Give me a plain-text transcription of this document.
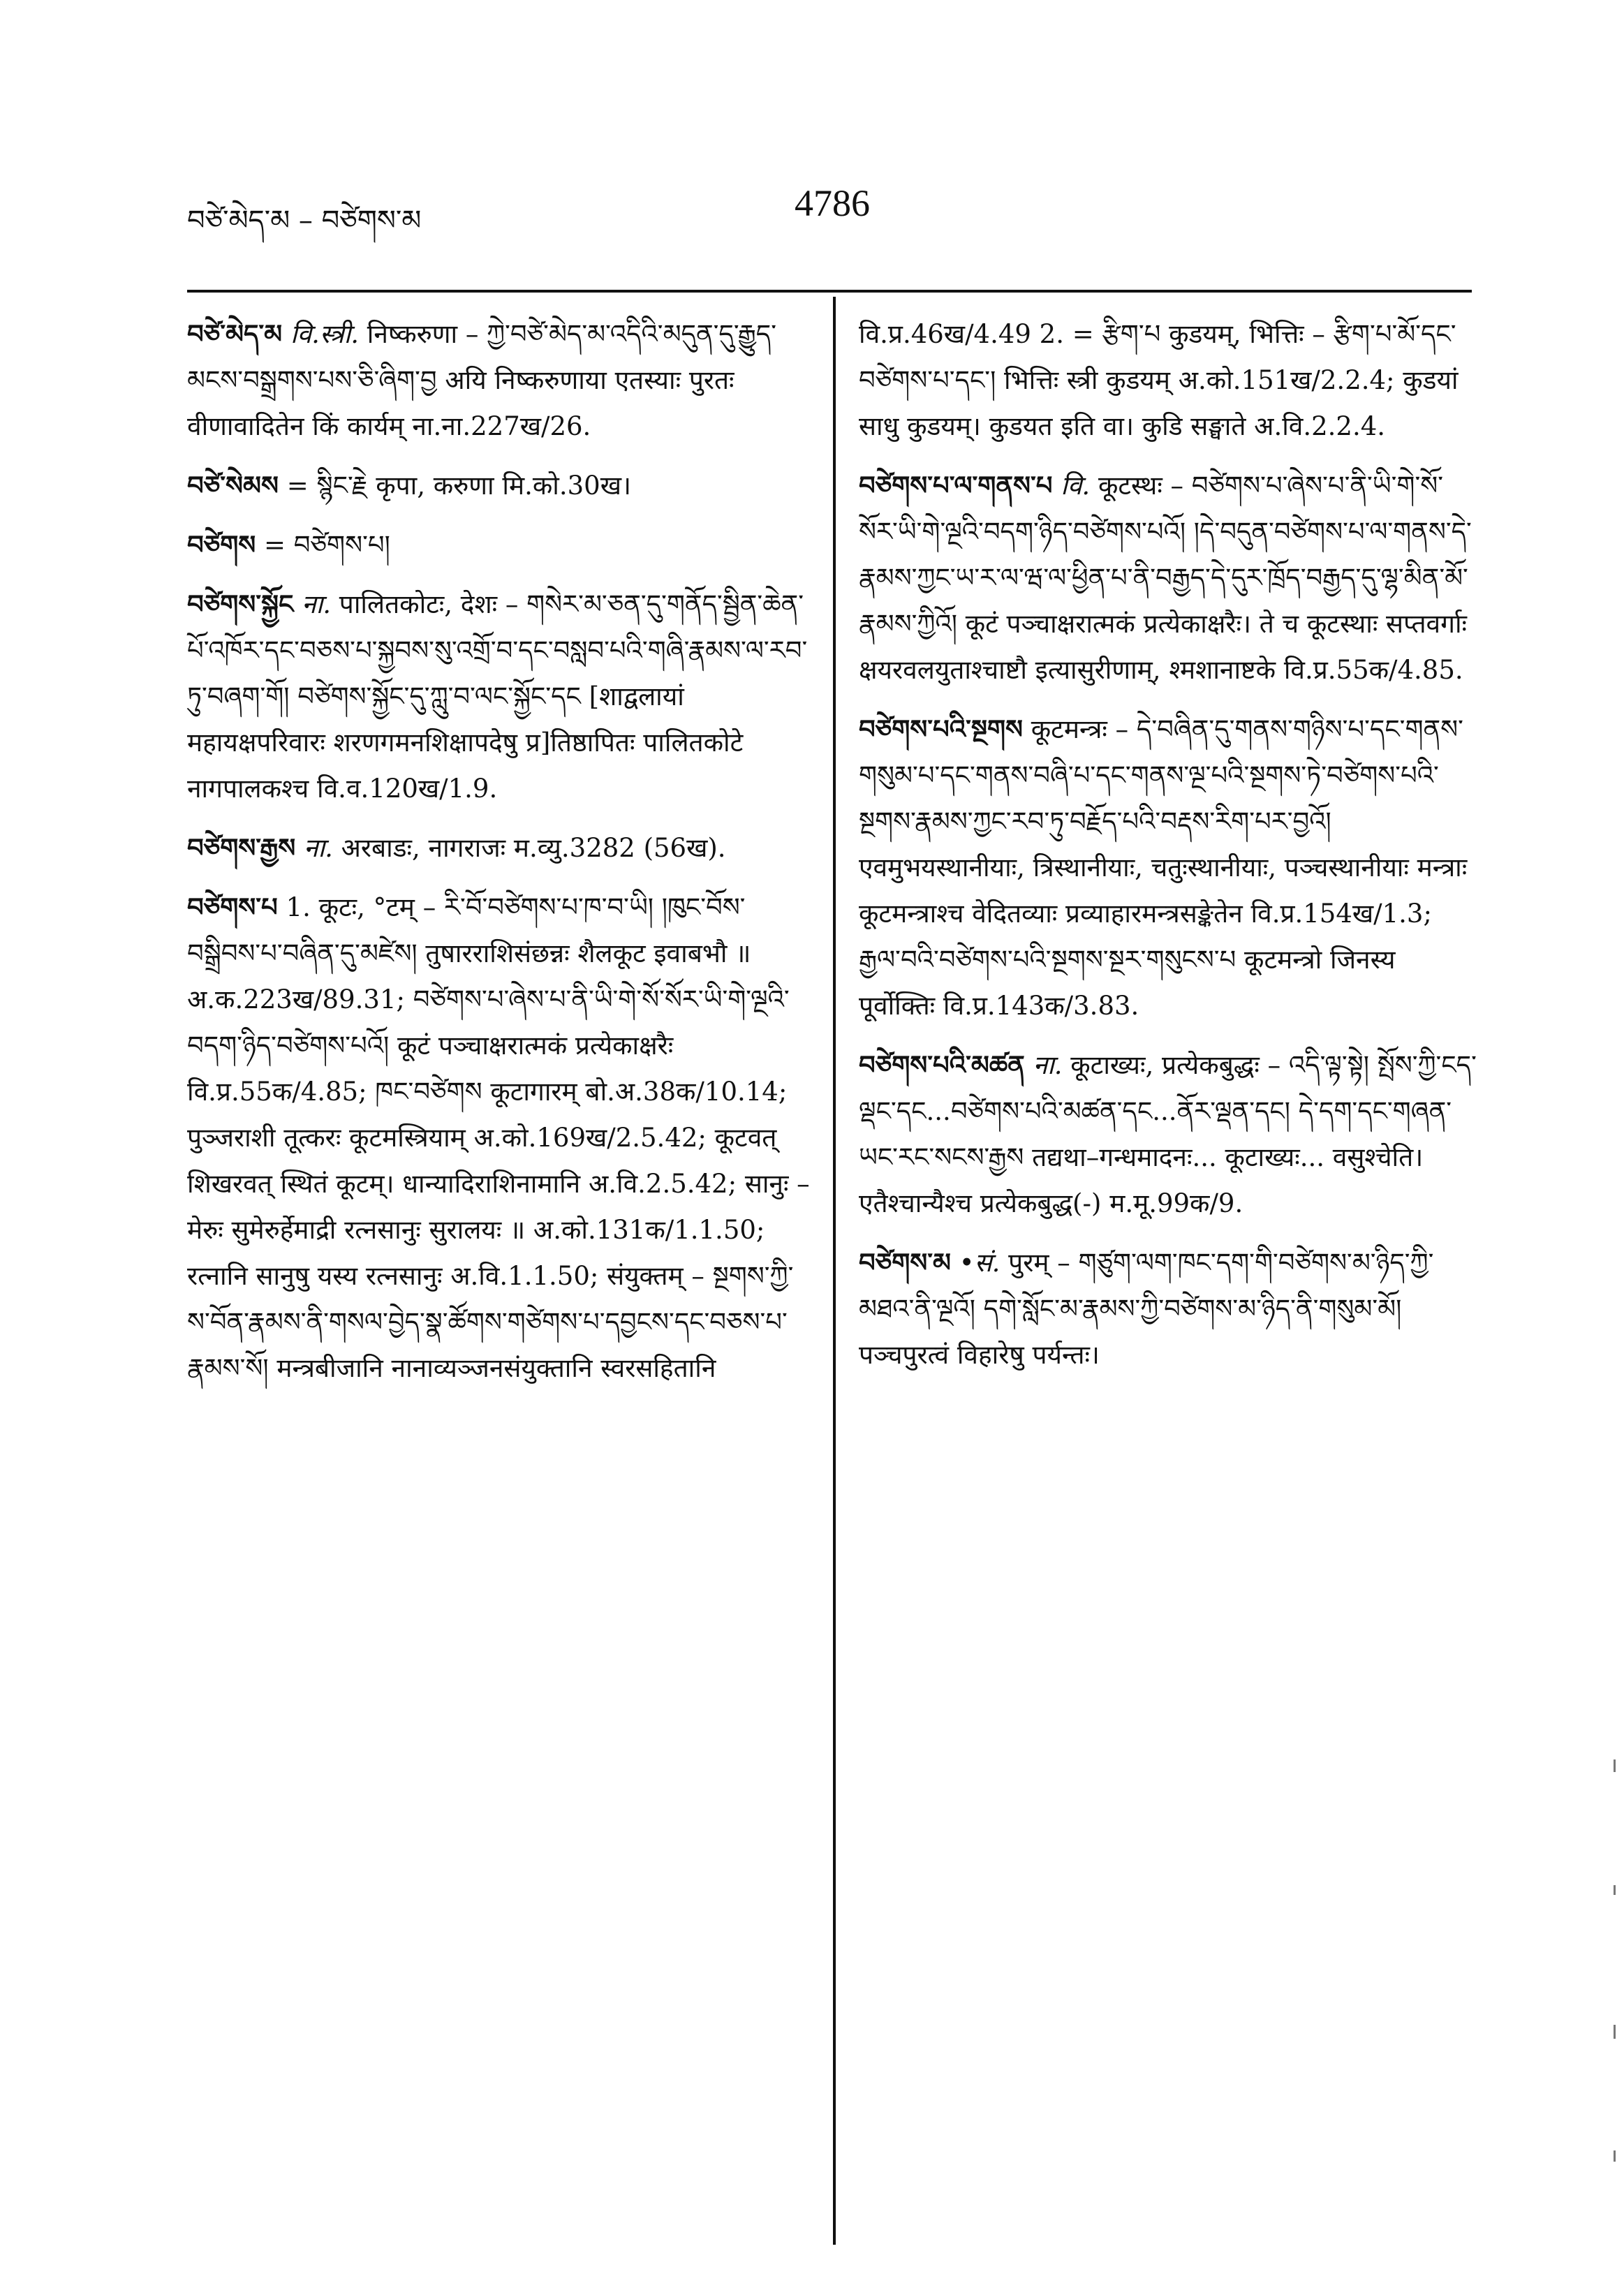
བཙེ་མེད་མ – བཙེགས་མ	4786

བཙེ་མེད་མ वि.स्त्री. निष्करुणा – ཀྱེ་བཙེ་མེད་མ་འདིའི་མདུན་དུ་རྒྱུད་མངས་བསྒྲགས་པས་ཅི་ཞིག་བྱ अयि निष्करुणाया एतस्याः पुरतः वीणावादितेन किं कार्यम् ना.ना.227ख/26.

བཙེ་སེམས = སྙིང་རྗེ कृपा, करुणा मि.को.30ख।

བཙེགས = བཙེགས་པ།

བཙེགས་སྐྱོང ना. पालितकोटः, देशः – གསེར་མ་ཅན་དུ་གནོད་སྦྱིན་ཆེན་པོ་འཁོར་དང་བཅས་པ་སྐྱབས་སུ་འགྲོ་བ་དང་བསླབ་པའི་གཞི་རྣམས་ལ་རབ་ཏུ་བཞག་གོ། བཙེགས་སྐྱོང་དུ་ཀླུ་བ་ལང་སྐྱོང་དང [शाद्वलायां महायक्षपरिवारः शरणगमनशिक्षापदेषु प्र]तिष्ठापितः पालितकोटे नागपालकश्च वि.व.120ख/1.9.

བཙེགས་རྒྱས ना. अरबाडः, नागराजः म.व्यु.3282 (56ख).

བཙེགས་པ 1. कूटः, °टम् – རི་བོ་བཙེགས་པ་ཁ་བ་ཡི། །ཁུང་བོས་བསྒྲིབས་པ་བཞིན་དུ་མཛེས། तुषारराशिसंछन्नः शैलकूट इवाबभौ ॥ अ.क.223ख/89.31; བཙེགས་པ་ཞེས་པ་ནི་ཡི་གེ་སོ་སོར་ཡི་གེ་ལྔའི་བདག་ཉིད་བཙེགས་པའོ། कूटं पञ्चाक्षरात्मकं प्रत्येकाक्षरैः वि.प्र.55क/4.85; ཁང་བཙེགས कूटागारम् बो.अ.38क/10.14; पुञ्जराशी तूत्करः कूटमस्त्रियाम् अ.को.169ख/2.5.42; कूटवत् शिखरवत् स्थितं कूटम्। धान्यादिराशिनामानि अ.वि.2.5.42; सानुः – मेरुः सुमेरुर्हेमाद्री रत्नसानुः सुरालयः ॥ अ.को.131क/1.1.50; रत्नानि सानुषु यस्य रत्नसानुः अ.वि.1.1.50; संयुक्तम् – སྔགས་ཀྱི་ས་བོན་རྣམས་ནི་གསལ་བྱེད་སྣ་ཚོགས་གཙེགས་པ་དབྱངས་དང་བཅས་པ་རྣམས་སོ། मन्त्रबीजानि नानाव्यञ्जनसंयुक्तानि स्वरसहितानि

वि.प्र.46ख/4.49 2. = རྩིག་པ कुडयम्, भित्तिः – རྩིག་པ་མོ་དང་བཙེགས་པ་དང་། भित्तिः स्त्री कुडयम् अ.को.151ख/2.2.4; कुडयां साधु कुडयम्। कुडयत इति वा। कुडि सङ्घाते अ.वि.2.2.4.

བཙེགས་པ་ལ་གནས་པ वि. कूटस्थः – བཙེགས་པ་ཞེས་པ་ནི་ཡི་གེ་སོ་སོར་ཡི་གེ་ལྔའི་བདག་ཉིད་བཙེགས་པའོ། །དེ་བདུན་བཙེགས་པ་ལ་གནས་དེ་རྣམས་ཀྱང་ཡ་ར་ལ་ཝ་ལ་ཕྱིན་པ་ནི་བརྒྱད་དེ་དུར་ཁྲོད་བརྒྱད་དུ་ལྷ་མིན་མོ་རྣམས་ཀྱིའོ། कूटं पञ्चाक्षरात्मकं प्रत्येकाक्षरैः। ते च कूटस्थाः सप्तवर्गाः क्षयरवलयुताश्चाष्टौ इत्यासुरीणाम्, श्मशानाष्टके वि.प्र.55क/4.85.

བཙེགས་པའི་སྔགས कूटमन्त्रः – དེ་བཞིན་དུ་གནས་གཉིས་པ་དང་གནས་གསུམ་པ་དང་གནས་བཞི་པ་དང་གནས་ལྔ་པའི་སྔགས་ཏེ་བཙེགས་པའི་སྔགས་རྣམས་ཀྱང་རབ་ཏུ་བརྗོད་པའི་བརྡས་རིག་པར་བྱའོ། एवमुभयस्थानीयाः, त्रिस्थानीयाः, चतुःस्थानीयाः, पञ्चस्थानीयाः मन्त्राः कूटमन्त्राश्च वेदितव्याः प्रव्याहारमन्त्रसङ्केतेन वि.प्र.154ख/1.3; རྒྱལ་བའི་བཙེགས་པའི་སྔགས་སྔར་གསུངས་པ कूटमन्त्रो जिनस्य पूर्वोक्तिः वि.प्र.143क/3.83.

བཙེགས་པའི་མཚན ना. कूटाख्यः, प्रत्येकबुद्धः – འདི་ལྟ་སྟེ། སྤོས་ཀྱི་ངད་ལྡང་དང...བཙེགས་པའི་མཚན་དང...ནོར་ལྡན་དང། དེ་དག་དང་གཞན་ཡང་རང་སངས་རྒྱས तद्यथा–गन्धमादनः... कूटाख्यः... वसुश्चेति। एतैश्चान्यैश्च प्रत्येकबुद्ध(-) म.मू.99क/9.

བཙེགས་མ •सं. पुरम् – གཙུག་ལག་ཁང་དག་གི་བཙེགས་མ་ཉིད་ཀྱི་མཐའ་ནི་ལྔའོ། དགེ་སློང་མ་རྣམས་ཀྱི་བཙེགས་མ་ཉིད་ནི་གསུམ་མོ། पञ्चपुरत्वं विहारेषु पर्यन्तः।
